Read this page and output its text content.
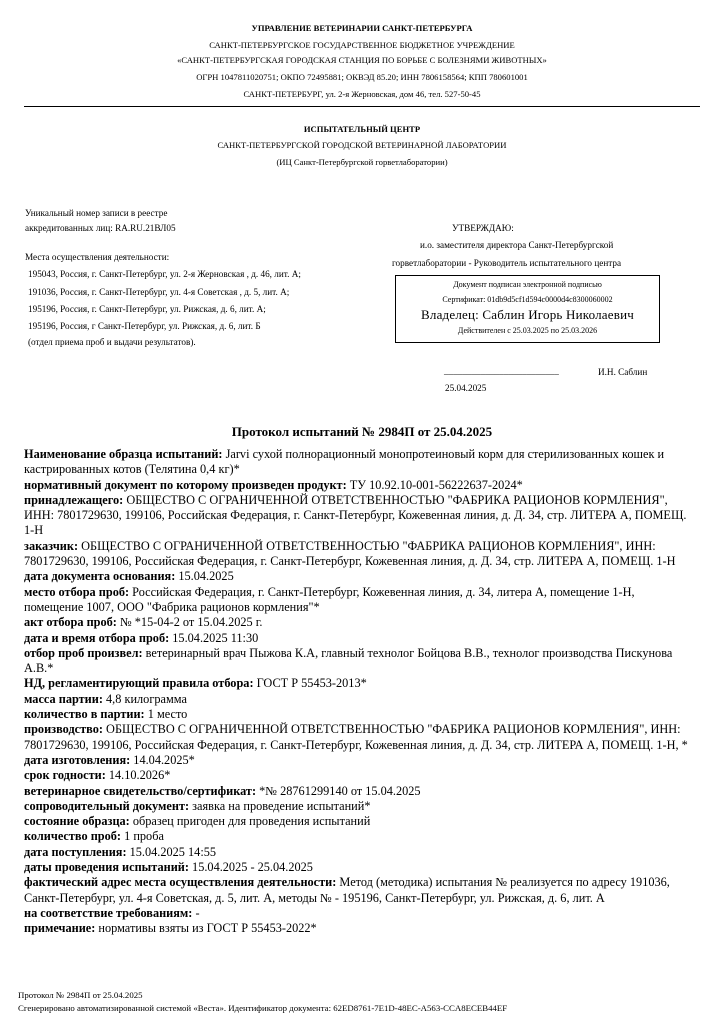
УПРАВЛЕНИЕ ВЕТЕРИНАРИИ САНКТ-ПЕТЕРБУРГА
САНКТ-ПЕТЕРБУРГСКОЕ ГОСУДАРСТВЕННОЕ БЮДЖЕТНОЕ УЧРЕЖДЕНИЕ
«САНКТ-ПЕТЕРБУРГСКАЯ ГОРОДСКАЯ СТАНЦИЯ ПО БОРЬБЕ С БОЛЕЗНЯМИ ЖИВОТНЫХ»
ОГРН 1047811020751; ОКПО 72495881; ОКВЭД 85.20; ИНН 7806158564; КПП 780601001
САНКТ-ПЕТЕРБУРГ, ул. 2-я Жерновская, дом 46, тел. 527-50-45
ИСПЫТАТЕЛЬНЫЙ ЦЕНТР
САНКТ-ПЕТЕРБУРГСКОЙ ГОРОДСКОЙ ВЕТЕРИНАРНОЙ ЛАБОРАТОРИИ
(ИЦ Санкт-Петербургской горветлаборатории)
Уникальный номер записи в реестре
аккредитованных лиц: RA.RU.21ВЛ05
Места осуществления деятельности:
195043, Россия, г. Санкт-Петербург, ул. 2-я Жерновская , д. 46, лит. А;
191036, Россия, г. Санкт-Петербург, ул. 4-я Советская , д. 5, лит. А;
195196, Россия, г. Санкт-Петербург, ул. Рижская, д. 6, лит. А;
195196, Россия, г Санкт-Петербург, ул. Рижская, д. 6, лит. Б
(отдел приема проб и выдачи результатов).
УТВЕРЖДАЮ:
и.о. заместителя директора Санкт-Петербургской
горветлаборатории - Руководитель испытательного центра
Документ подписан электронной подписью
Сертификат: 01db9d5cf1d594c0000d4c8300060002
Владелец: Саблин Игорь Николаевич
Действителен с 25.03.2025 по 25.03.2026
_________________________	И.Н. Саблин
25.04.2025
Протокол испытаний № 2984П от 25.04.2025

Наименование образца испытаний: Jarvi сухой полнорационный монопротеиновый корм для стерилизованных кошек и кастрированных котов (Телятина 0,4 кг)*

нормативный документ по которому произведен продукт: ТУ 10.92.10-001-56222637-2024*

принадлежащего: ОБЩЕСТВО С ОГРАНИЧЕННОЙ ОТВЕТСТВЕННОСТЬЮ "ФАБРИКА РАЦИОНОВ КОРМЛЕНИЯ", ИНН: 7801729630, 199106, Российская Федерация, г. Санкт-Петербург, Кожевенная линия, д. Д. 34, стр. ЛИТЕРА А, ПОМЕЩ. 1-Н

заказчик: ОБЩЕСТВО С ОГРАНИЧЕННОЙ ОТВЕТСТВЕННОСТЬЮ "ФАБРИКА РАЦИОНОВ КОРМЛЕНИЯ", ИНН: 7801729630, 199106, Российская Федерация, г. Санкт-Петербург, Кожевенная линия, д. Д. 34, стр. ЛИТЕРА А, ПОМЕЩ. 1-Н

дата документа основания: 15.04.2025

место отбора проб: Российская Федерация, г. Санкт-Петербург, Кожевенная линия, д. 34, литера А, помещение 1-Н, помещение 1007, ООО "Фабрика рационов кормления"*

акт отбора проб: № *15-04-2 от 15.04.2025 г.

дата и время отбора проб: 15.04.2025 11:30

отбор проб произвел: ветеринарный врач Пыжова К.А, главный технолог Бойцова В.В., технолог производства Пискунова А.В.*

НД, регламентирующий правила отбора: ГОСТ Р 55453-2013*

масса партии: 4,8 килограмма

количество в партии: 1 место

производство: ОБЩЕСТВО С ОГРАНИЧЕННОЙ ОТВЕТСТВЕННОСТЬЮ "ФАБРИКА РАЦИОНОВ КОРМЛЕНИЯ", ИНН: 7801729630, 199106, Российская Федерация, г. Санкт-Петербург, Кожевенная линия, д. Д. 34, стр. ЛИТЕРА А, ПОМЕЩ. 1-Н, *

дата изготовления: 14.04.2025*

срок годности: 14.10.2026*

ветеринарное свидетельство/сертификат: *№ 28761299140 от 15.04.2025

сопроводительный документ: заявка на проведение испытаний*

состояние образца: образец пригоден для проведения испытаний

количество проб: 1 проба

дата поступления: 15.04.2025 14:55

даты проведения испытаний: 15.04.2025 - 25.04.2025

фактический адрес места осуществления деятельности: Метод (методика) испытания № реализуется по адресу 191036, Санкт-Петербург, ул. 4-я Советская, д. 5, лит. А, методы № - 195196, Санкт-Петербург, ул. Рижская, д. 6, лит. А

на соответствие требованиям: -

примечание: нормативы взяты из ГОСТ Р 55453-2022*

Протокол № 2984П от 25.04.2025
Сгенерировано автоматизированной системой «Веста». Идентификатор документа: 62ED8761-7E1D-48EC-A563-CCA8ECEB44EF
